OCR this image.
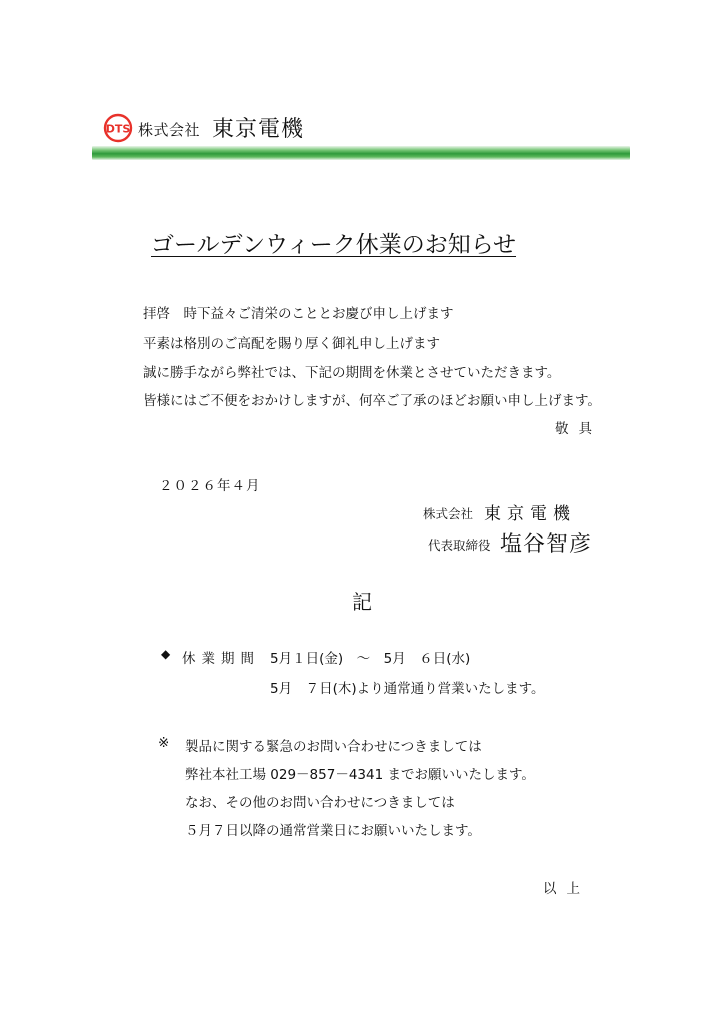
DTS 株式会社 東京電機
ゴールデンウィーク休業のお知らせ
拝啓　時下益々ご清栄のこととお慶び申し上げます
平素は格別のご高配を賜り厚く御礼申し上げます
誠に勝手ながら弊社では、下記の期間を休業とさせていただきます。
皆様にはご不便をおかけしますが、何卒ご了承のほどお願い申し上げます。
敬具
２０２６年４月
株式会社 東京電機
代表取締役 塩谷智彦
記
◆ 休業期間 5月１日(金)　～　5月　６日(水)
5月　７日(木)より通常通り営業いたします。
※ 製品に関する緊急のお問い合わせにつきましては
弊社本社工場 029－857－4341 までお願いいたします。
なお、その他のお問い合わせにつきましては
５月７日以降の通常営業日にお願いいたします。
以上
